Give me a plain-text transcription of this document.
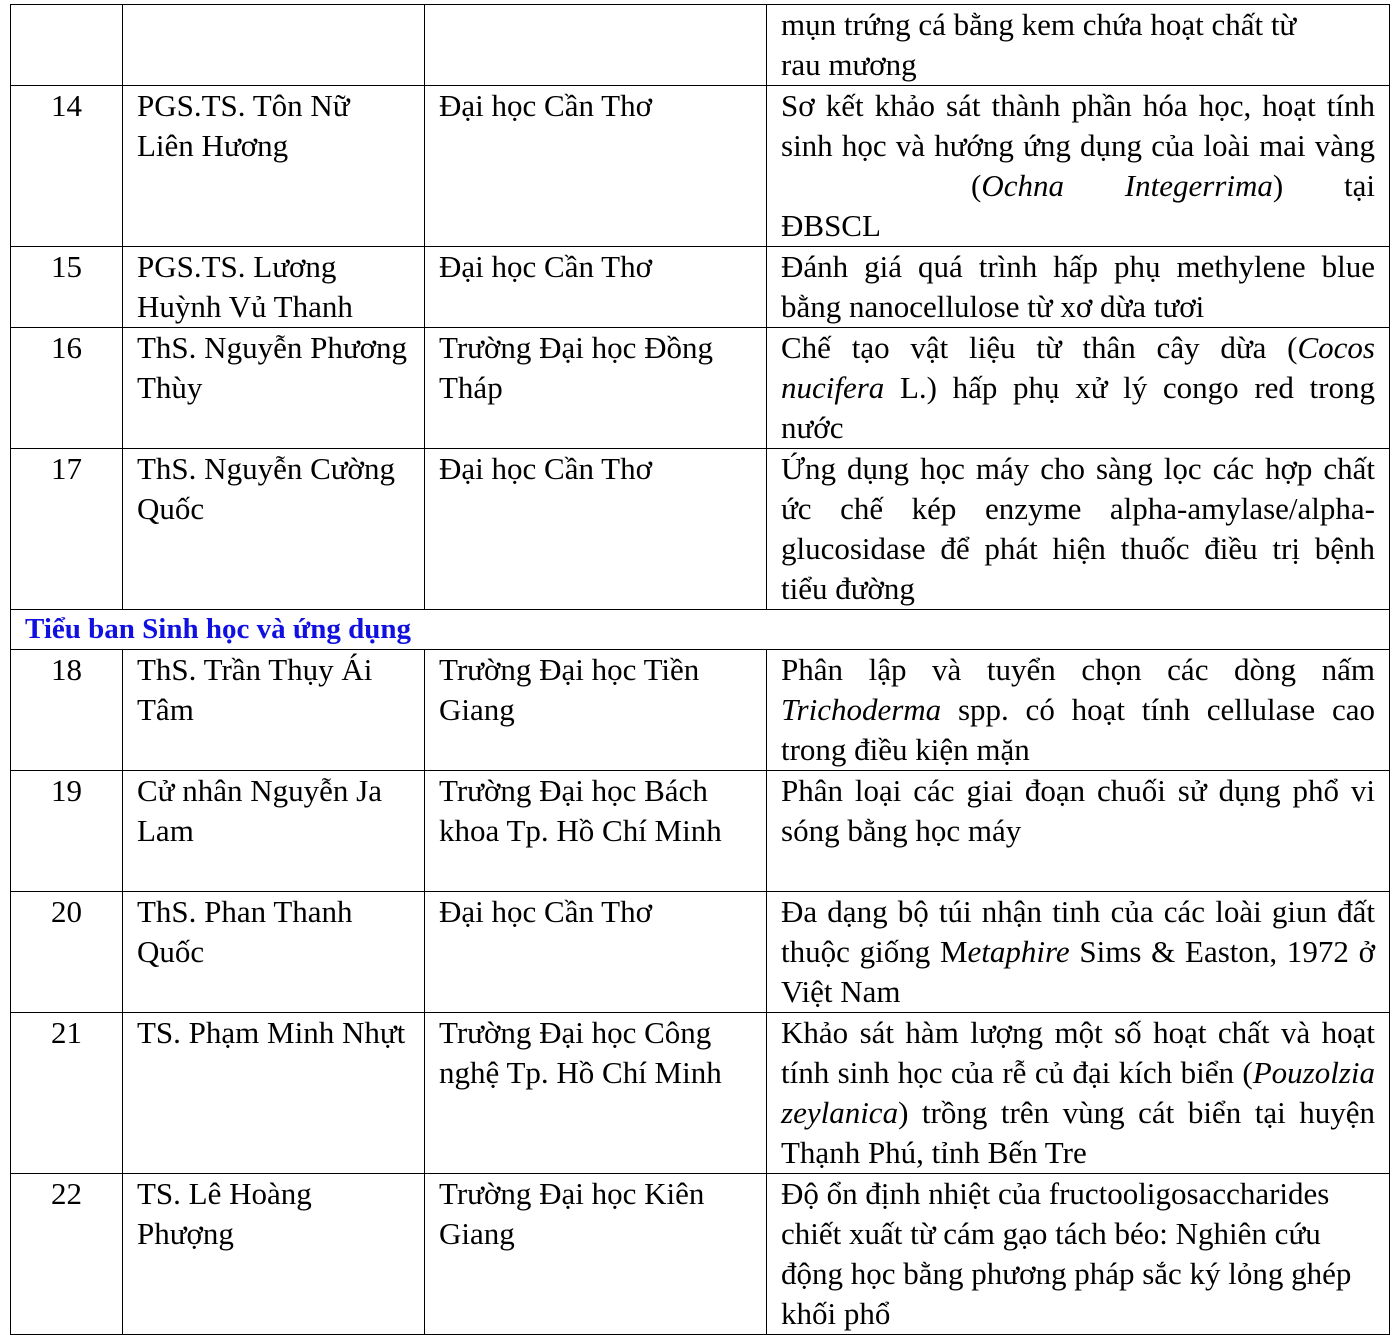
			mụn trứng cá bằng kem chứa hoạt chất từ
rau mương
14	PGS.TS. Tôn Nữ Liên Hương	Đại học Cần Thơ	Sơ kết khảo sát thành phần hóa học, hoạt tính sinh học và hướng ứng dụng của loài mai vàng (Ochna Integerrima) tại ĐBSCL
15	PGS.TS. Lương Huỳnh Vủ Thanh	Đại học Cần Thơ	Đánh giá quá trình hấp phụ methylene blue bằng nanocellulose từ xơ dừa tươi
16	ThS. Nguyễn Phương Thùy	Trường Đại học Đồng Tháp	Chế tạo vật liệu từ thân cây dừa (Cocos nucifera L.) hấp phụ xử lý congo red trong nước
17	ThS. Nguyễn Cường Quốc	Đại học Cần Thơ	Ứng dụng học máy cho sàng lọc các hợp chất ức chế kép enzyme alpha-amylase/alpha-glucosidase để phát hiện thuốc điều trị bệnh tiểu đường
Tiểu ban Sinh học và ứng dụng			
18	ThS. Trần Thụy Ái Tâm	Trường Đại học Tiền Giang	Phân lập và tuyển chọn các dòng nấm Trichoderma spp. có hoạt tính cellulase cao trong điều kiện mặn
19	Cử nhân Nguyễn Ja Lam	Trường Đại học Bách khoa Tp. Hồ Chí Minh	Phân loại các giai đoạn chuối sử dụng phổ vi sóng bằng học máy
20	ThS. Phan Thanh Quốc	Đại học Cần Thơ	Đa dạng bộ túi nhận tinh của các loài giun đất thuộc giống Metaphire Sims & Easton, 1972 ở Việt Nam
21	TS. Phạm Minh Nhựt	Trường Đại học Công nghệ Tp. Hồ Chí Minh	Khảo sát hàm lượng một số hoạt chất và hoạt tính sinh học của rễ củ đại kích biển (Pouzolzia zeylanica) trồng trên vùng cát biển tại huyện Thạnh Phú, tỉnh Bến Tre
22	TS. Lê Hoàng Phượng	Trường Đại học Kiên Giang	Độ ổn định nhiệt của fructooligosaccharides chiết xuất từ cám gạo tách béo: Nghiên cứu động học bằng phương pháp sắc ký lỏng ghép khối phổ
